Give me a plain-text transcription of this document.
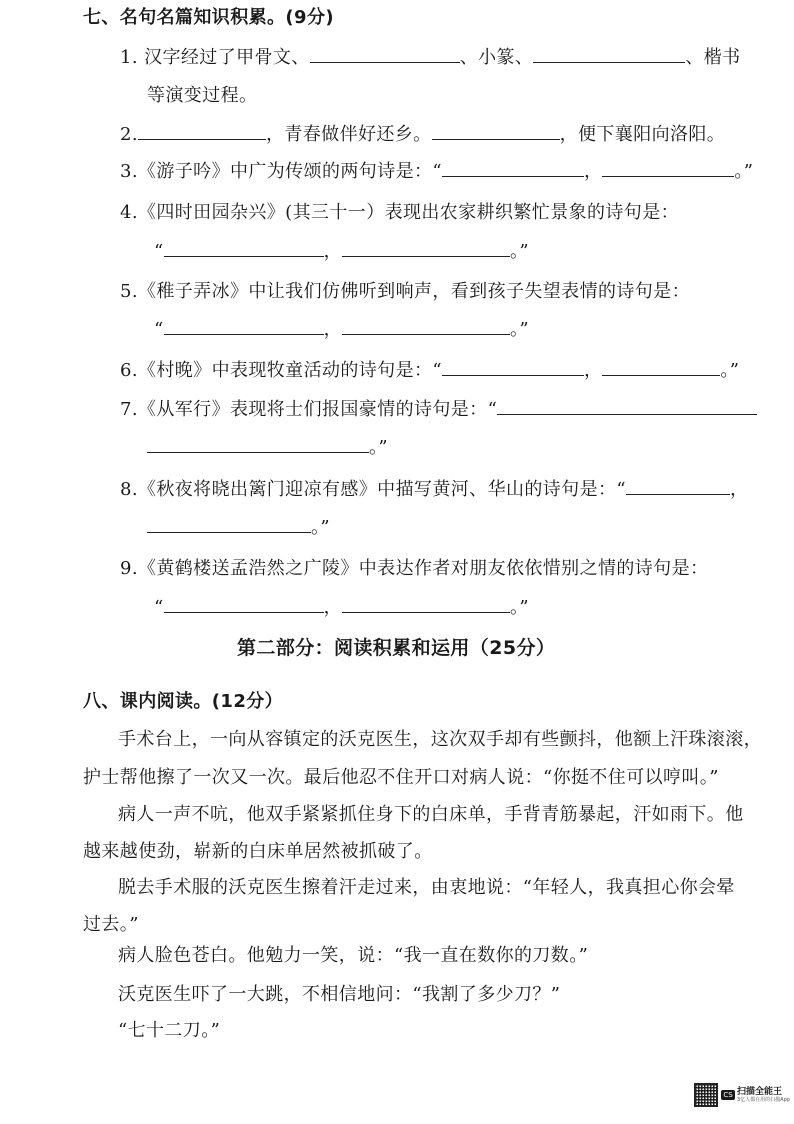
七、名句名篇知识积累。(9分)
1. 汉字经过了甲骨文、	、小篆、	、楷书
等演变过程。
2.	，青春做伴好还乡。	，便下襄阳向洛阳。
3.《游子吟》中广为传颂的两句诗是：“	，	。”
4.《四时田园杂兴》(其三十一）表现出农家耕织繁忙景象的诗句是：
“	，	。”
5.《稚子弄冰》中让我们仿佛听到响声，看到孩子失望表情的诗句是：
“	，	。”
6.《村晚》中表现牧童活动的诗句是：“	，	。”
7.《从军行》表现将士们报国豪情的诗句是：“
。”
8.《秋夜将晓出篱门迎凉有感》中描写黄河、华山的诗句是：“	，
。”
9.《黄鹤楼送孟浩然之广陵》中表达作者对朋友依依惜别之情的诗句是：
“	，	。”
第二部分：阅读积累和运用（25分）
八、课内阅读。(12分）
手术台上，一向从容镇定的沃克医生，这次双手却有些颤抖，他额上汗珠滚滚，
护士帮他擦了一次又一次。最后他忍不住开口对病人说：“你挺不住可以哼叫。”
病人一声不吭，他双手紧紧抓住身下的白床单，手背青筋暴起，汗如雨下。他
越来越使劲，崭新的白床单居然被抓破了。
脱去手术服的沃克医生擦着汗走过来，由衷地说：“年轻人，我真担心你会晕
过去。”
病人脸色苍白。他勉力一笑，说：“我一直在数你的刀数。”
沃克医生吓了一大跳，不相信地问：“我割了多少刀？”
“七十二刀。”
CS 扫描全能王
3亿人都在用的扫描App
